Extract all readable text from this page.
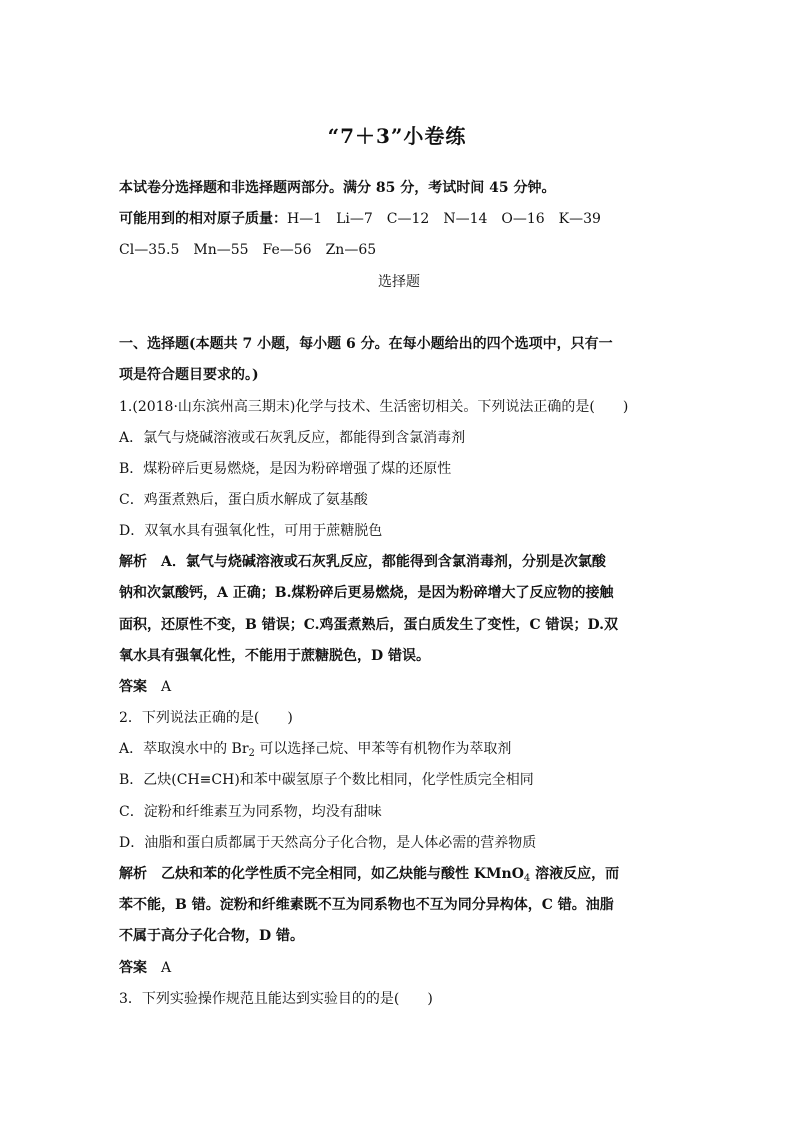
“7＋3”小卷练
本试卷分选择题和非选择题两部分。满分 85 分，考试时间 45 分钟。
可能用到的相对原子质量：H—1　Li—7　C—12　N—14　O—16　K—39
Cl—35.5　Mn—55　Fe—56　Zn—65
选择题
一、选择题(本题共 7 小题，每小题 6 分。在每小题给出的四个选项中，只有一
项是符合题目要求的。)
1.(2018·山东滨州高三期末)化学与技术、生活密切相关。下列说法正确的是(　　)
A．氯气与烧碱溶液或石灰乳反应，都能得到含氯消毒剂
B．煤粉碎后更易燃烧，是因为粉碎增强了煤的还原性
C．鸡蛋煮熟后，蛋白质水解成了氨基酸
D．双氧水具有强氧化性，可用于蔗糖脱色
解析 A．氯气与烧碱溶液或石灰乳反应，都能得到含氯消毒剂，分别是次氯酸
钠和次氯酸钙，A 正确；B.煤粉碎后更易燃烧，是因为粉碎增大了反应物的接触
面积，还原性不变，B 错误；C.鸡蛋煮熟后，蛋白质发生了变性，C 错误；D.双
氧水具有强氧化性，不能用于蔗糖脱色，D 错误。
答案 A
2．下列说法正确的是(　　)
A．萃取溴水中的 $Br_2$ 可以选择己烷、甲苯等有机物作为萃取剂
B．乙炔(CH≡CH)和苯中碳氢原子个数比相同，化学性质完全相同
C．淀粉和纤维素互为同系物，均没有甜味
D．油脂和蛋白质都属于天然高分子化合物，是人体必需的营养物质
解析 乙炔和苯的化学性质不完全相同，如乙炔能与酸性 KMnO$_4$ 溶液反应，而
苯不能，B 错。淀粉和纤维素既不互为同系物也不互为同分异构体，C 错。油脂
不属于高分子化合物，D 错。
答案 A
3．下列实验操作规范且能达到实验目的的是(　　)
